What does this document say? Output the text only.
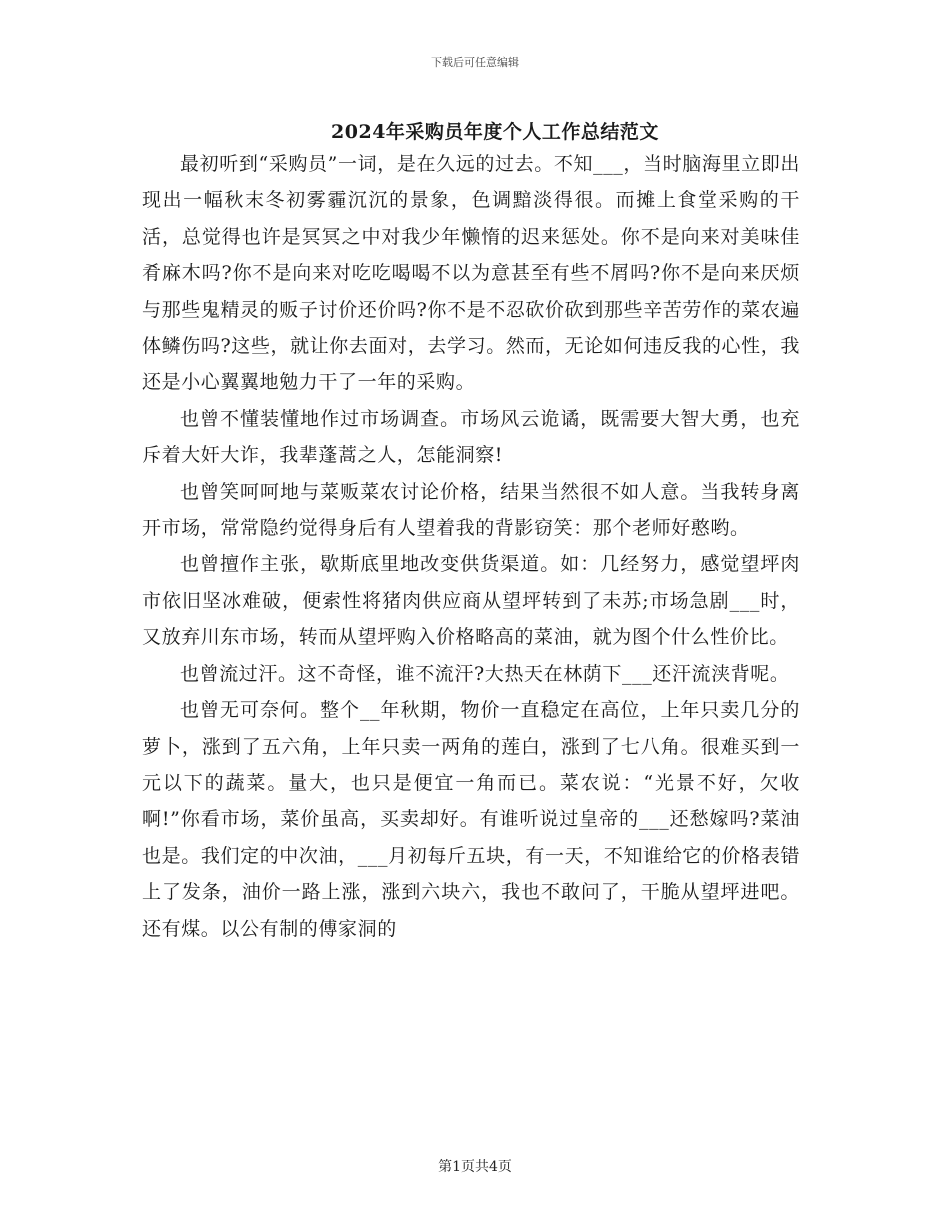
下载后可任意编辑
2024年采购员年度个人工作总结范文

最初听到“采购员”一词，是在久远的过去。不知___，当时脑海里立即出现出一幅秋末冬初雾霾沉沉的景象，色调黯淡得很。而摊上食堂采购的干活，总觉得也许是冥冥之中对我少年懒惰的迟来惩处。你不是向来对美味佳肴麻木吗?你不是向来对吃吃喝喝不以为意甚至有些不屑吗?你不是向来厌烦与那些鬼精灵的贩子讨价还价吗?你不是不忍砍价砍到那些辛苦劳作的菜农遍体鳞伤吗?这些，就让你去面对，去学习。然而，无论如何违反我的心性，我还是小心翼翼地勉力干了一年的采购。

也曾不懂装懂地作过市场调查。市场风云诡谲，既需要大智大勇，也充斥着大奸大诈，我辈蓬蒿之人，怎能洞察!

也曾笑呵呵地与菜贩菜农讨论价格，结果当然很不如人意。当我转身离开市场，常常隐约觉得身后有人望着我的背影窃笑：那个老师好憨哟。

也曾擅作主张，歇斯底里地改变供货渠道。如：几经努力，感觉望坪肉市依旧坚冰难破，便索性将猪肉供应商从望坪转到了未苏;市场急剧___时，又放弃川东市场，转而从望坪购入价格略高的菜油，就为图个什么性价比。

也曾流过汗。这不奇怪，谁不流汗?大热天在林荫下___还汗流浃背呢。

也曾无可奈何。整个__年秋期，物价一直稳定在高位，上年只卖几分的萝卜，涨到了五六角，上年只卖一两角的莲白，涨到了七八角。很难买到一元以下的蔬菜。量大，也只是便宜一角而已。菜农说：“光景不好，欠收啊!”你看市场，菜价虽高，买卖却好。有谁听说过皇帝的___还愁嫁吗?菜油也是。我们定的中次油，___月初每斤五块，有一天，不知谁给它的价格表错上了发条，油价一路上涨，涨到六块六，我也不敢问了，干脆从望坪进吧。还有煤。以公有制的傅家洞的

第1页共4页
